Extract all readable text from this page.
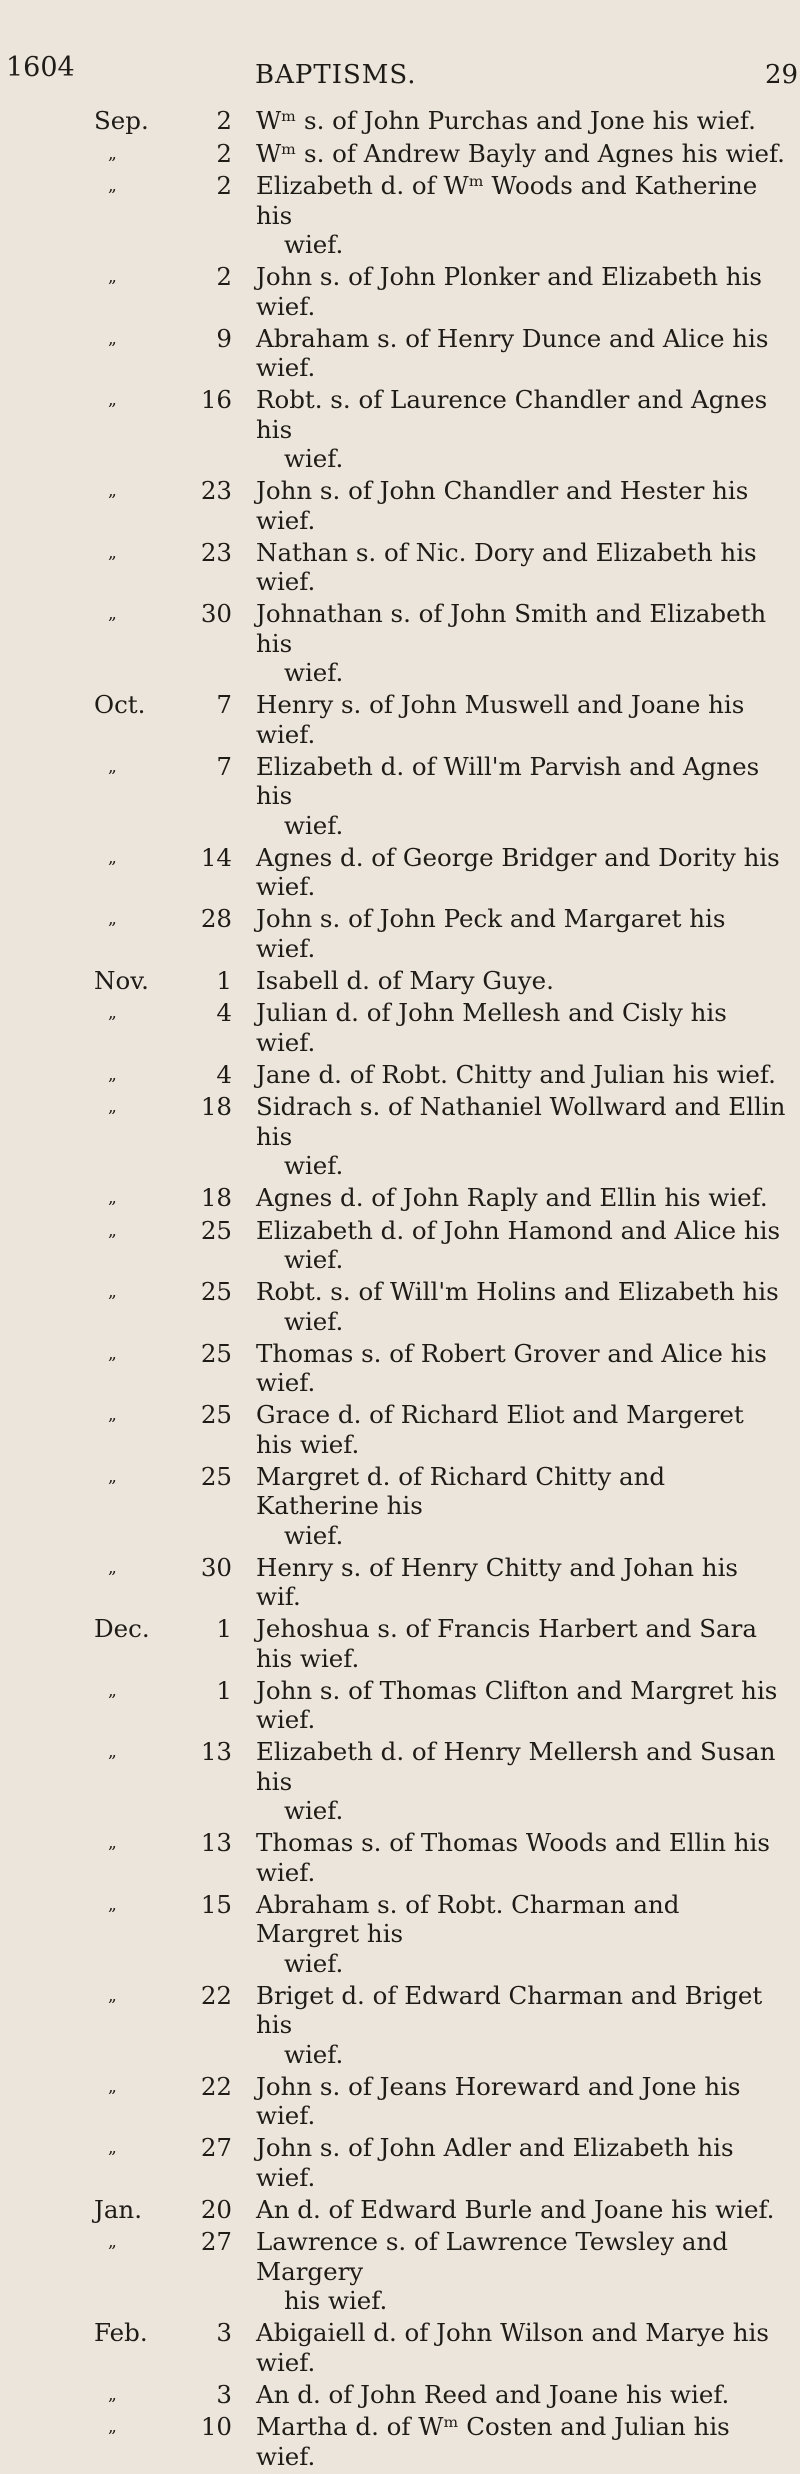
1604	BAPTISMS.	29
Sep.	2 Wᵐ s. of John Purchas and Jone his wief.
„	2 Wᵐ s. of Andrew Bayly and Agnes his wief.
„	2 Elizabeth d. of Wᵐ Woods and Katherine his
wief.
„	2 John s. of John Plonker and Elizabeth his wief.
„	9 Abraham s. of Henry Dunce and Alice his wief.
„	16 Robt. s. of Laurence Chandler and Agnes his
wief.
„	23 John s. of John Chandler and Hester his wief.
„	23 Nathan s. of Nic. Dory and Elizabeth his wief.
„	30 Johnathan s. of John Smith and Elizabeth his
wief.
Oct.	7 Henry s. of John Muswell and Joane his wief.
„	7 Elizabeth d. of Will'm Parvish and Agnes his
wief.
„	14 Agnes d. of George Bridger and Dority his wief.
„	28 John s. of John Peck and Margaret his wief.
Nov.	1 Isabell d. of Mary Guye.
„	4 Julian d. of John Mellesh and Cisly his wief.
„	4 Jane d. of Robt. Chitty and Julian his wief.
„	18 Sidrach s. of Nathaniel Wollward and Ellin his
wief.
„	18 Agnes d. of John Raply and Ellin his wief.
„	25 Elizabeth d. of John Hamond and Alice his
wief.
„	25 Robt. s. of Will'm Holins and Elizabeth his
wief.
„	25 Thomas s. of Robert Grover and Alice his wief.
„	25 Grace d. of Richard Eliot and Margeret his wief.
„	25 Margret d. of Richard Chitty and Katherine his
wief.
„	30 Henry s. of Henry Chitty and Johan his wif.
Dec.	1 Jehoshua s. of Francis Harbert and Sara his wief.
„	1 John s. of Thomas Clifton and Margret his wief.
„	13 Elizabeth d. of Henry Mellersh and Susan his
wief.
„	13 Thomas s. of Thomas Woods and Ellin his wief.
„	15 Abraham s. of Robt. Charman and Margret his
wief.
„	22 Briget d. of Edward Charman and Briget his
wief.
„	22 John s. of Jeans Horeward and Jone his wief.
„	27 John s. of John Adler and Elizabeth his wief.
Jan.	20 An d. of Edward Burle and Joane his wief.
„	27 Lawrence s. of Lawrence Tewsley and Margery
his wief.
Feb.	3 Abigaiell d. of John Wilson and Marye his wief.
„	3 An d. of John Reed and Joane his wief.
„	10 Martha d. of Wᵐ Costen and Julian his wief.
